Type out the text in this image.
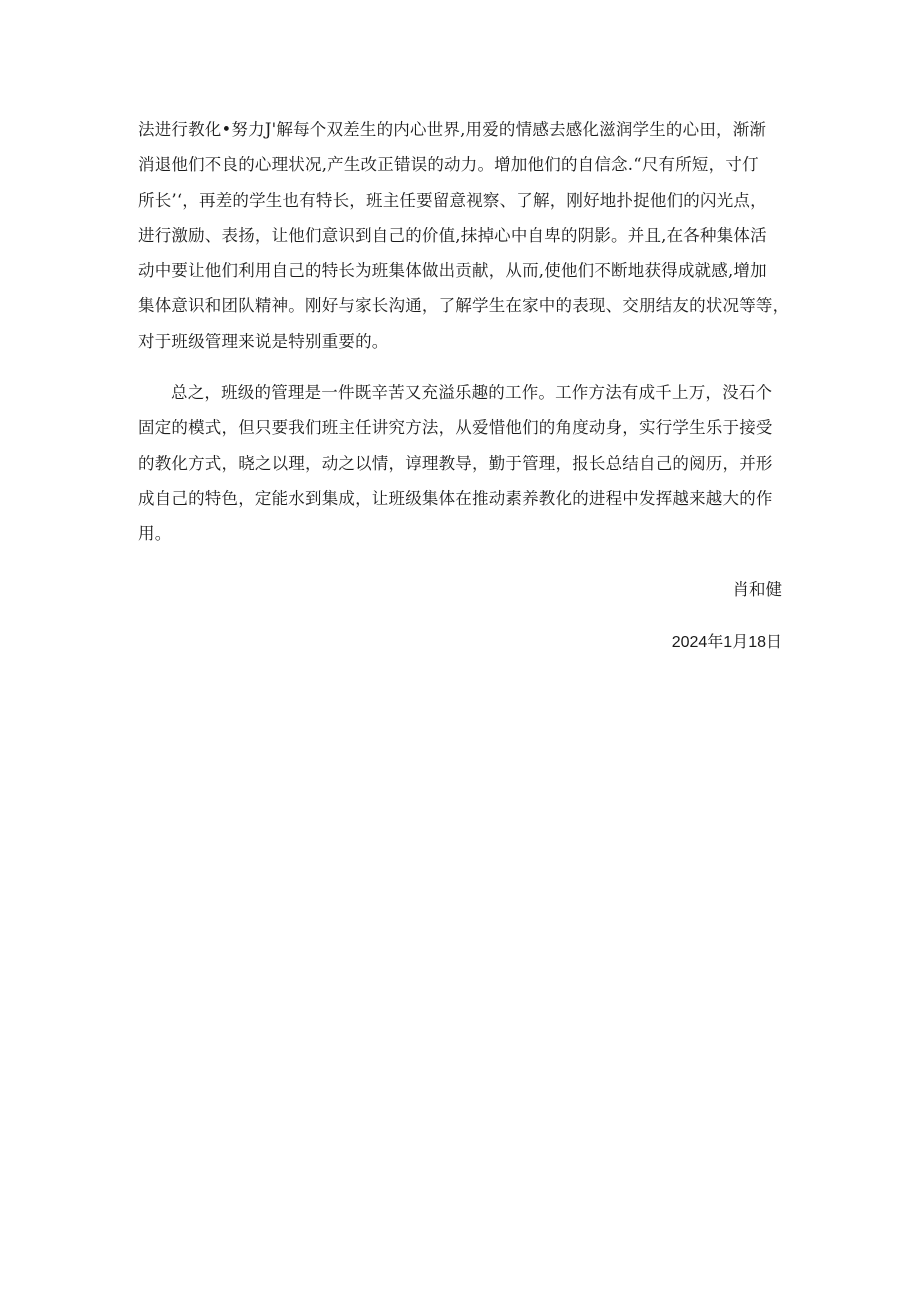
法进行教化•努力J'解每个双差生的内心世界,用爱的情感去感化滋润学生的心田，渐渐
消退他们不良的心理状况,产生改正错误的动力。增加他们的自信念.“尺有所短，寸仃
所长’‘，再差的学生也有特长，班主任要留意视察、了解，刚好地扑捉他们的闪光点，
进行激励、表扬，让他们意识到自己的价值,抹掉心中自卑的阴影。并且,在各种集体活
动中要让他们利用自己的特长为班集体做出贡献，从而,使他们不断地获得成就感,增加
集体意识和团队精神。刚好与家长沟通，了解学生在家中的表现、交朋结友的状况等等，
对于班级管理来说是特别重要的。
总之，班级的管理是一件既辛苦又充溢乐趣的工作。工作方法有成千上万，没石个
固定的模式，但只要我们班主任讲究方法，从爱惜他们的角度动身，实行学生乐于接受
的教化方式，晓之以理，动之以情，谆理教导，勤于管理，报长总结自己的阅历，并形
成自己的特色，定能水到集成，让班级集体在推动素养教化的进程中发挥越来越大的作
用。
肖和健
2024年1月18日
